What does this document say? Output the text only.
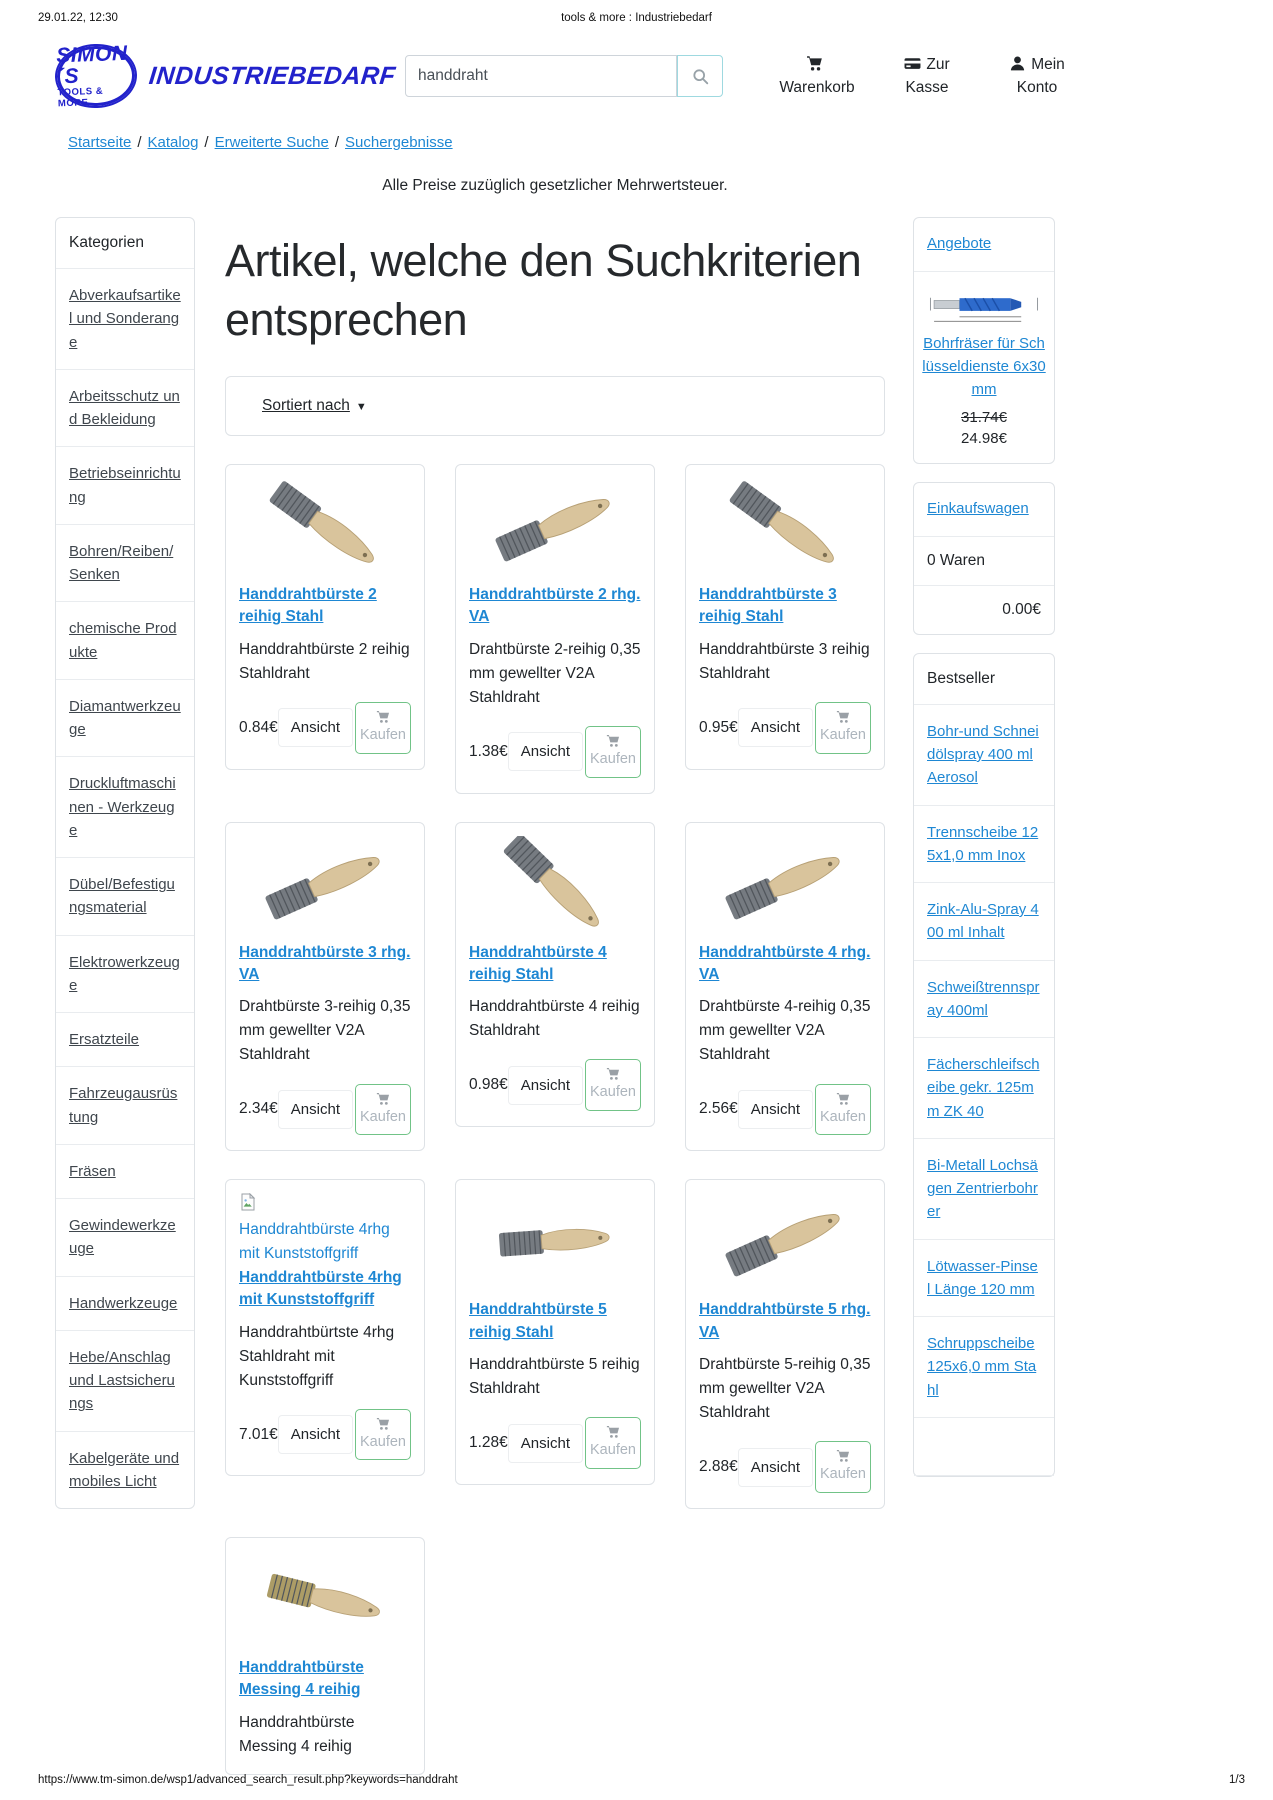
29.01.22, 12:30	tools & more : Industriebedarf
SIMON´S
TOOLS & MORE
INDUSTRIEBEDARF
handdraht	Warenkorb
Zur Kasse
Mein Konto
Startseite / Katalog / Erweiterte Suche / Suchergebnisse
Alle Preise zuzüglich gesetzlicher Mehrwertsteuer.
Kategorien
Abverkaufsartikel und Sonderange
Arbeitsschutz und Bekleidung
Betriebseinrichtung
Bohren/Reiben/Senken
chemische Produkte
Diamantwerkzeuge
Druckluftmaschinen - Werkzeuge
Dübel/Befestigungsmaterial
Elektrowerkzeuge
Ersatzteile
Fahrzeugausrüstung
Fräsen
Gewindewerkzeuge
Handwerkzeuge
Hebe/Anschlag und Lastsicherungs
Kabelgeräte und mobiles Licht
Artikel, welche den Suchkriterien entsprechen
Sortiert nach ▼
Handdrahtbürste 2 reihig Stahl
Handdrahtbürste 2 reihig Stahldraht
0.84€ Ansicht	Kaufen
Handdrahtbürste 2 rhg. VA
Drahtbürste 2-reihig 0,35 mm gewellter V2A Stahldraht
1.38€ Ansicht	Kaufen
Handdrahtbürste 3 reihig Stahl
Handdrahtbürste 3 reihig Stahldraht
0.95€ Ansicht	Kaufen
Handdrahtbürste 3 rhg. VA
Drahtbürste 3-reihig 0,35 mm gewellter V2A Stahldraht
2.34€ Ansicht	Kaufen
Handdrahtbürste 4 reihig Stahl
Handdrahtbürste 4 reihig Stahldraht
0.98€ Ansicht	Kaufen
Handdrahtbürste 4 rhg. VA
Drahtbürste 4-reihig 0,35 mm gewellter V2A Stahldraht
2.56€ Ansicht	Kaufen
Handdrahtbürste 4rhg mit Kunststoffgriff
Handdrahtbürste 4rhg mit Kunststoffgriff
Handdrahtbürtste 4rhg Stahldraht mit Kunststoffgriff
7.01€ Ansicht	Kaufen
Handdrahtbürste 5 reihig Stahl
Handdrahtbürste 5 reihig Stahldraht
1.28€ Ansicht	Kaufen
Handdrahtbürste 5 rhg. VA
Drahtbürste 5-reihig 0,35 mm gewellter V2A Stahldraht
2.88€ Ansicht	Kaufen
Handdrahtbürste Messing 4 reihig
Handdrahtbürste Messing 4 reihig
Angebote
Bohrfräser für Schlüsseldienste 6x30mm
31.74€
24.98€
Einkaufswagen
0 Waren
0.00€
Bestseller
Bohr-und Schneidölspray 400 ml Aerosol
Trennscheibe 125x1,0 mm Inox
Zink-Alu-Spray 400 ml Inhalt
Schweißtrennspray 400ml
Fächerschleifscheibe gekr. 125mm ZK 40
Bi-Metall Lochsägen Zentrierbohrer
Lötwasser-Pinsel Länge 120 mm
Schruppscheibe 125x6,0 mm Stahl
https://www.tm-simon.de/wsp1/advanced_search_result.php?keywords=handdraht	1/3
